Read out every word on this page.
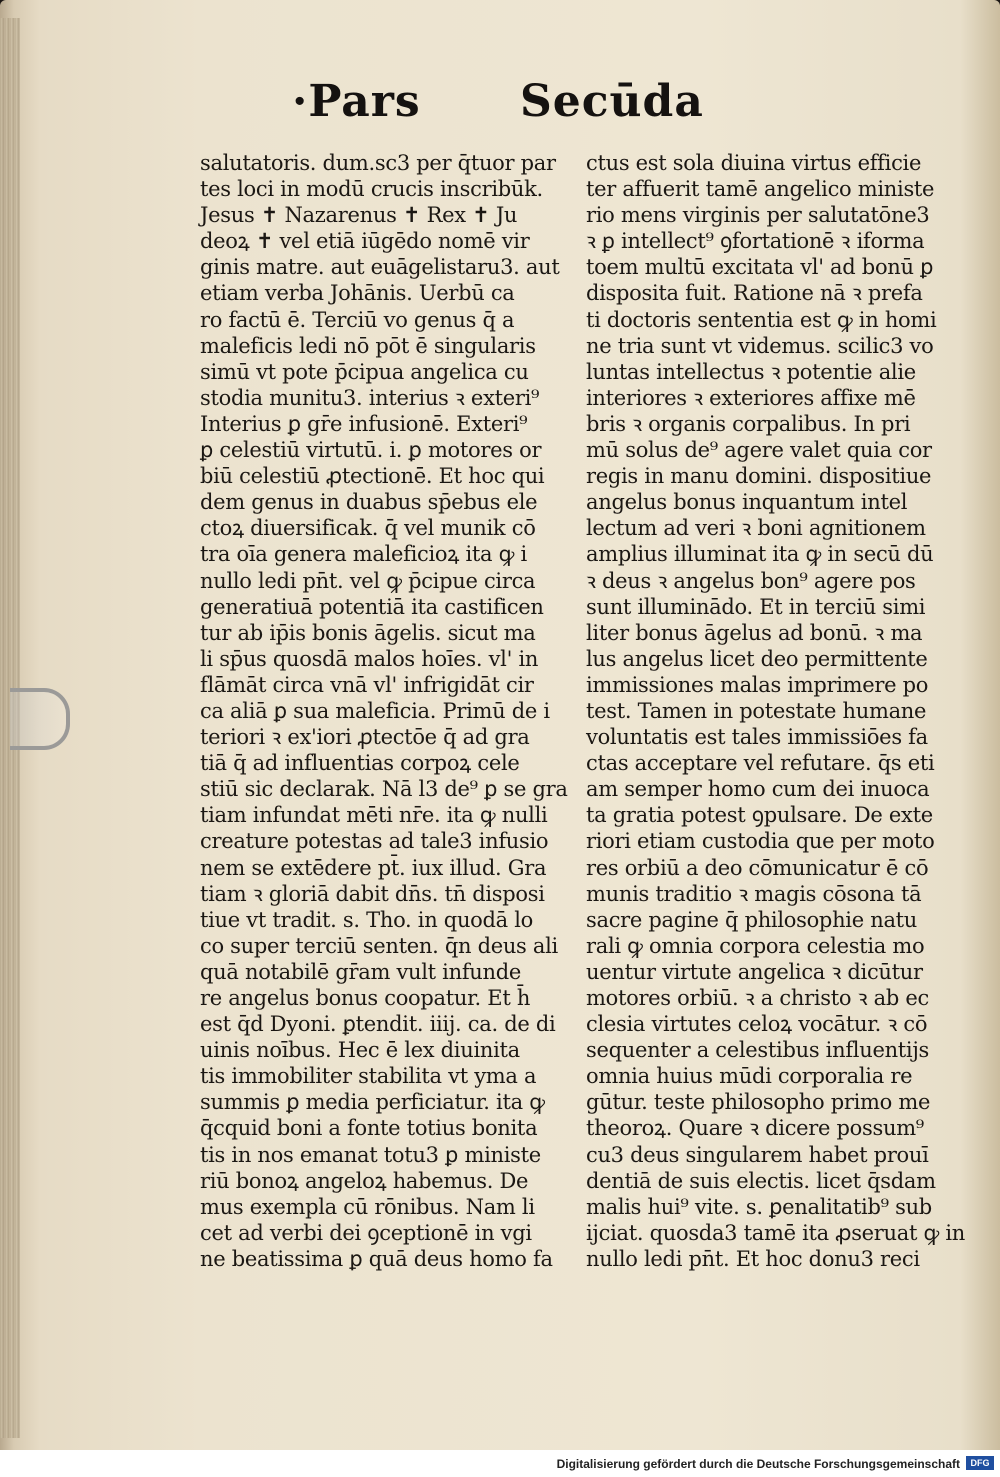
·Pars Secūda
salutatoris. dum.sc3 per q̄tuor par
tes loci in modū crucis inscribūk.
Jesus ✝ Nazarenus ✝ Rex ✝ Ju
deoꝝ ✝ vel etiā iūgēdo nomē vir
ginis matre. aut euāgelistaru3. aut
etiam verba Johānis. Uerbū ca
ro factū ē. Terciū vo genus q̄ a
maleficis ledi nō pōt ē singularis
simū vt pote p̄cipua angelica cu
stodia munitu3. interius ꝛ exteri⁹
Interius ꝑ gr̄e infusionē. Exteri⁹
ꝑ celestiū virtutū. i. ꝑ motores or
biū celestiū ꝓtectionē. Et hoc qui
dem genus in duabus sp̄ebus ele
ctoꝝ diuersificak. q̄ vel munik cō
tra oīa genera maleficioꝝ ita ꝙ i
nullo ledi pn̄t. vel ꝙ p̄cipue circa
generatiuā potentiā ita castificen
tur ab ip̄is bonis āgelis. sicut ma
li sp̄us quosdā malos hoīes. vl' in
flāmāt circa vnā vl' infrigidāt cir
ca aliā ꝑ sua maleficia. Primū de i
teriori ꝛ ex'iori ꝓtectōe q̄ ad gra
tiā q̄ ad influentias corpoꝝ cele
stiū sic declarak. Nā l3 de⁹ ꝑ se gra
tiam infundat mēti nr̄e. ita ꝙ nulli
creature potestas ad tale3 infusio
nem se extēdere pt̄. iux illud. Gra
tiam ꝛ gloriā dabit dn̄s. tn̄ disposi
tiue vt tradit. s. Tho. in quodā lo
co super terciū senten. q̄n deus ali
quā notabilē gr̄am vult infunde
re angelus bonus coopatur. Et h̄
est q̄d Dyoni. ꝑtendit. iiij. ca. de di
uinis noībus. Hec ē lex diuinita
tis immobiliter stabilita vt yma a
summis ꝑ media perficiatur. ita ꝙ
q̄cquid boni a fonte totius bonita
tis in nos emanat totu3 ꝑ ministe
riū bonoꝝ angeloꝝ habemus. De
mus exempla cū rōnibus. Nam li
cet ad verbi dei ꝯceptionē in vgi
ne beatissima ꝑ quā deus homo fa
ctus est sola diuina virtus efficie
ter affuerit tamē angelico ministe
rio mens virginis per salutatōne3
ꝛ ꝑ intellect⁹ ꝯfortationē ꝛ iforma
toem multū excitata vl' ad bonū ꝑ
disposita fuit. Ratione nā ꝛ prefa
ti doctoris sententia est ꝙ in homi
ne tria sunt vt videmus. scilic3 vo
luntas intellectus ꝛ potentie alie
interiores ꝛ exteriores affixe mē
bris ꝛ organis corpalibus. In pri
mū solus de⁹ agere valet quia cor
regis in manu domini. dispositiue
angelus bonus inquantum intel
lectum ad veri ꝛ boni agnitionem
amplius illuminat ita ꝙ in secū dū
ꝛ deus ꝛ angelus bon⁹ agere pos
sunt illuminādo. Et in terciū simi
liter bonus āgelus ad bonū. ꝛ ma
lus angelus licet deo permittente
immissiones malas imprimere po
test. Tamen in potestate humane
voluntatis est tales immissiōes fa
ctas acceptare vel refutare. q̄s eti
am semper homo cum dei inuoca
ta gratia potest ꝯpulsare. De exte
riori etiam custodia que per moto
res orbiū a deo cōmunicatur ē cō
munis traditio ꝛ magis cōsona tā
sacre pagine q̄ philosophie natu
rali ꝙ omnia corpora celestia mo
uentur virtute angelica ꝛ dicūtur
motores orbiū. ꝛ a christo ꝛ ab ec
clesia virtutes celoꝝ vocātur. ꝛ cō
sequenter a celestibus influentijs
omnia huius mūdi corporalia re
gūtur. teste philosopho primo me
theoroꝝ. Quare ꝛ dicere possum⁹
cu3 deus singularem habet prouī
dentiā de suis electis. licet q̄sdam
malis hui⁹ vite. s. ꝑenalitatib⁹ sub
ijciat. quosda3 tamē ita ꝓseruat ꝙ in
nullo ledi pn̄t. Et hoc donu3 reci
Digitalisierung gefördert durch die Deutsche Forschungsgemeinschaft	DFG
